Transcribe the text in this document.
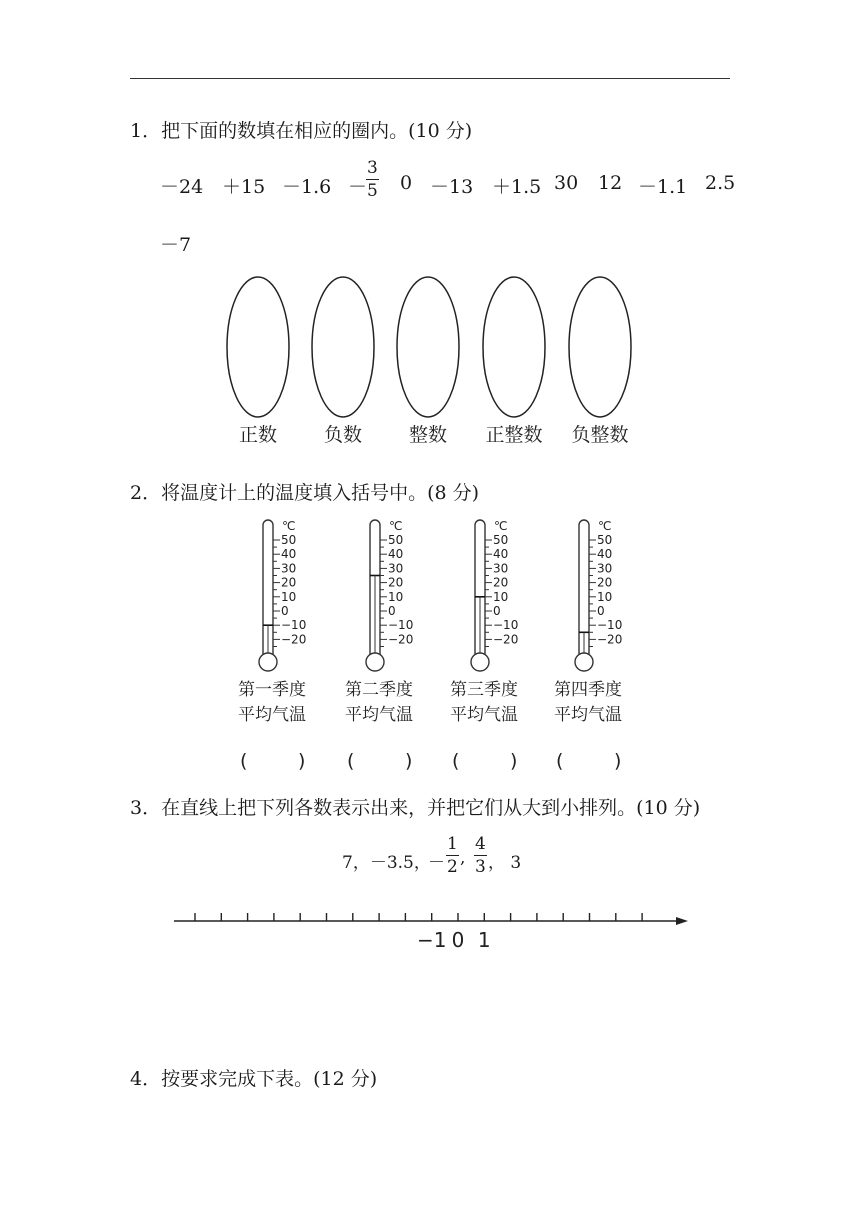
1．把下面的数填在相应的圈内。(10 分)
－24 ＋15 －1.6 －
$\frac{3}{5} 0 -13 +1.5$ 30 12 －1.1 2.5
－7
正数 负数 整数 正整数 负整数
2．将温度计上的温度填入括号中。(8 分)
℃
50
40
30
20
10
0
−10
−20
第一季度
平均气温
(	)
℃
50
40
30
20
10
0
−10
−20
第二季度
平均气温
(	)
℃
50
40
30
20
10
0
−10
−20
第三季度
平均气温
(	)
℃
50
40
30
20
10
0
−10
−20
第四季度
平均气温
(	)
3．在直线上把下列各数表示出来，并把它们从大到小排列。(10 分)
7，－3.5，
－ $\frac{1}{2}$ , $\frac{4}{3}$ ， 3
−1 0 1
4．按要求完成下表。(12 分)
